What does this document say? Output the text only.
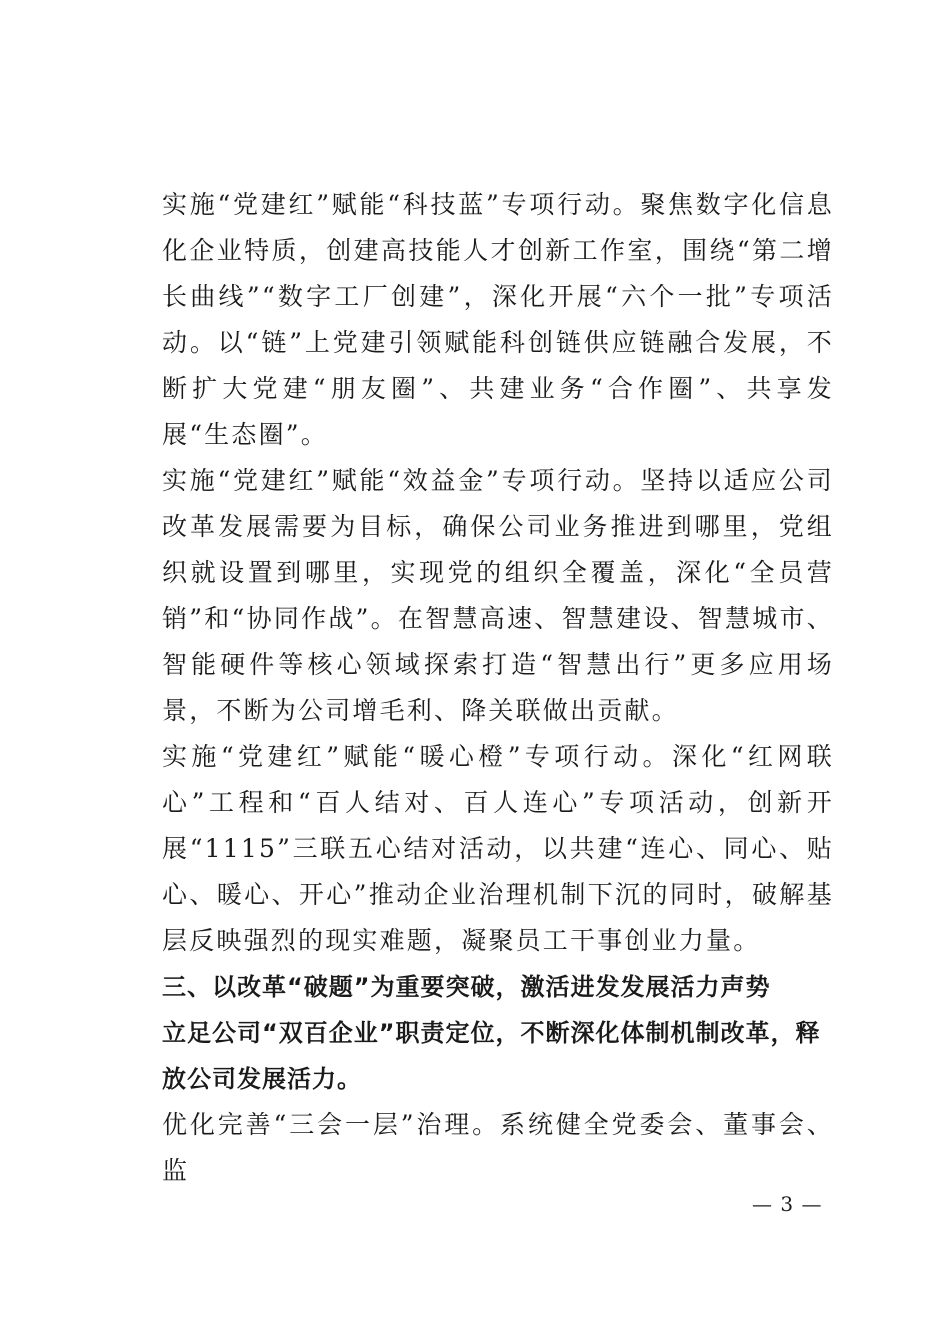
实施“党建红”赋能“科技蓝”专项行动。聚焦数字化信息化企业特质，创建高技能人才创新工作室，围绕“第二增长曲线”“数字工厂创建”，深化开展“六个一批”专项活动。以“链”上党建引领赋能科创链供应链融合发展，不断扩大党建“朋友圈”、共建业务“合作圈”、共享发展“生态圈”。

实施“党建红”赋能“效益金”专项行动。坚持以适应公司改革发展需要为目标，确保公司业务推进到哪里，党组织就设置到哪里，实现党的组织全覆盖，深化“全员营销”和“协同作战”。在智慧高速、智慧建设、智慧城市、智能硬件等核心领域探索打造“智慧出行”更多应用场景，不断为公司增毛利、降关联做出贡献。

实施“党建红”赋能“暖心橙”专项行动。深化“红网联心”工程和“百人结对、百人连心”专项活动，创新开展“1115”三联五心结对活动，以共建“连心、同心、贴心、暖心、开心”推动企业治理机制下沉的同时，破解基层反映强烈的现实难题，凝聚员工干事创业力量。

三、以改革“破题”为重要突破，激活进发发展活力声势

立足公司“双百企业”职责定位，不断深化体制机制改革，释放公司发展活力。

优化完善“三会一层”治理。系统健全党委会、董事会、监

— 3 —
